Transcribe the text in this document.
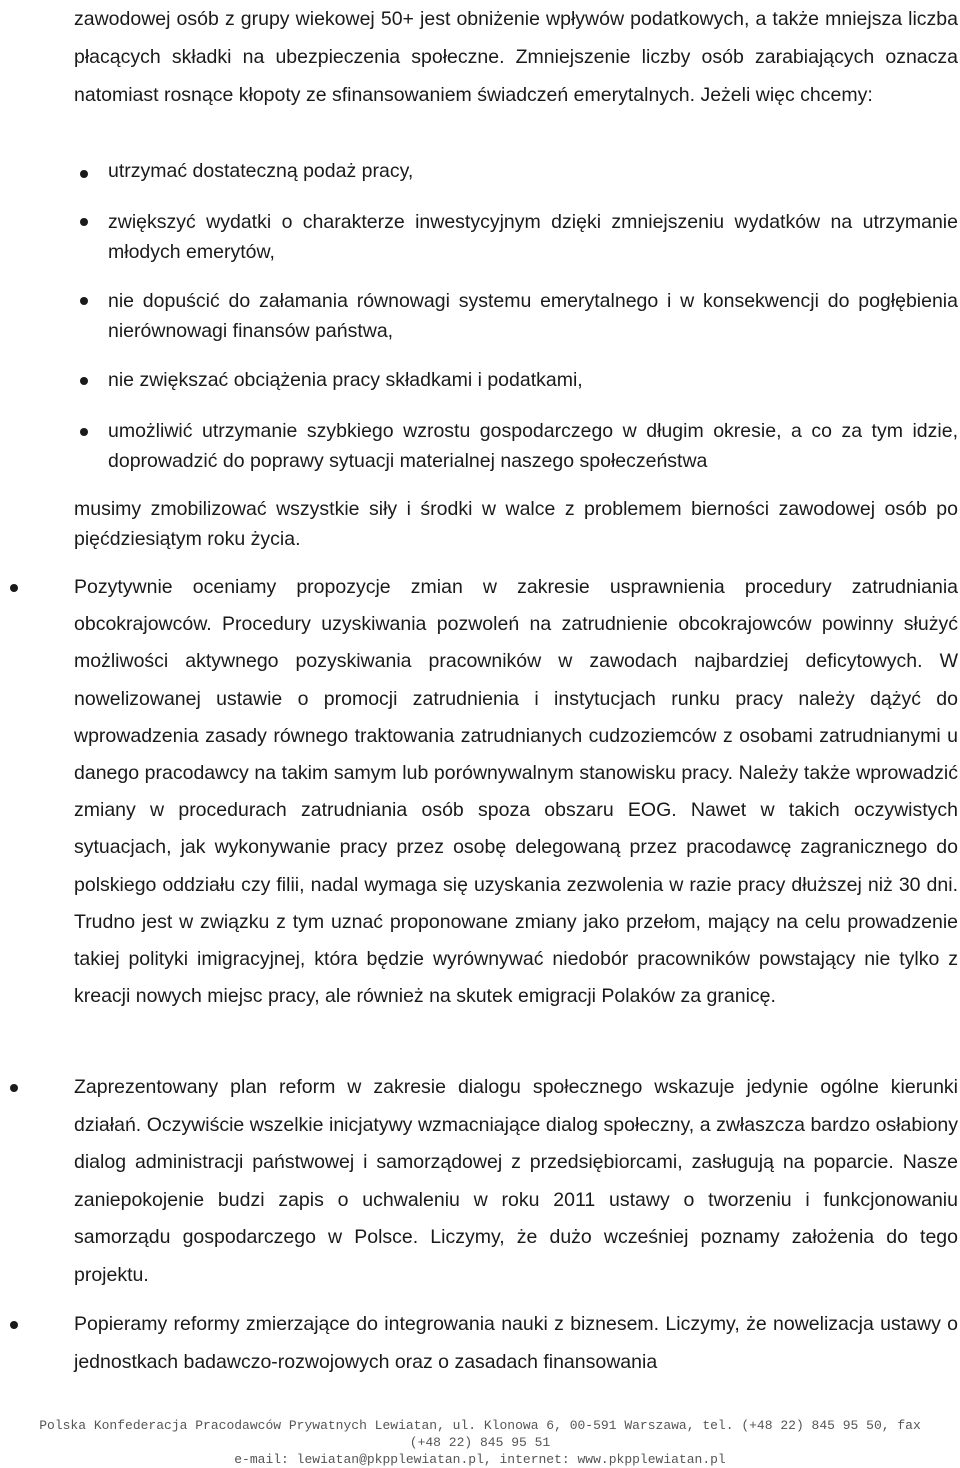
zawodowej osób z grupy wiekowej 50+ jest obniżenie wpływów podatkowych, a także mniejsza liczba płacących składki na ubezpieczenia społeczne. Zmniejszenie liczby osób zarabiających oznacza natomiast rosnące kłopoty ze sfinansowaniem świadczeń emerytalnych. Jeżeli więc chcemy:
utrzymać dostateczną podaż pracy,
zwiększyć wydatki o charakterze inwestycyjnym dzięki zmniejszeniu wydatków na utrzymanie młodych emerytów,
nie dopuścić do załamania równowagi systemu emerytalnego i w konsekwencji do pogłębienia nierównowagi finansów państwa,
nie zwiększać obciążenia pracy składkami i podatkami,
umożliwić utrzymanie szybkiego wzrostu gospodarczego w długim okresie, a co za tym idzie, doprowadzić do poprawy sytuacji materialnej naszego społeczeństwa
musimy zmobilizować wszystkie siły i środki w walce z problemem bierności zawodowej osób po pięćdziesiątym roku życia.
Pozytywnie oceniamy propozycje zmian w zakresie usprawnienia procedury zatrudniania obcokrajowców. Procedury uzyskiwania pozwoleń na zatrudnienie obcokrajowców powinny służyć możliwości aktywnego pozyskiwania pracowników w zawodach najbardziej deficytowych. W nowelizowanej ustawie o promocji zatrudnienia i instytucjach runku pracy należy dążyć do wprowadzenia zasady równego traktowania zatrudnianych cudzoziemców z osobami zatrudnianymi u danego pracodawcy na takim samym lub porównywalnym stanowisku pracy. Należy także wprowadzić zmiany w procedurach zatrudniania osób spoza obszaru EOG. Nawet w takich oczywistych sytuacjach, jak wykonywanie pracy przez osobę delegowaną przez pracodawcę zagranicznego do polskiego oddziału czy filii, nadal wymaga się uzyskania zezwolenia w razie pracy dłuższej niż 30 dni. Trudno jest w związku z tym uznać proponowane zmiany jako przełom, mający na celu prowadzenie takiej polityki imigracyjnej, która będzie wyrównywać niedobór pracowników powstający nie tylko z kreacji nowych miejsc pracy, ale również na skutek emigracji Polaków za granicę.
Zaprezentowany plan reform w zakresie dialogu społecznego wskazuje jedynie ogólne kierunki działań. Oczywiście wszelkie inicjatywy wzmacniające dialog społeczny, a zwłaszcza bardzo osłabiony dialog administracji państwowej i samorządowej z przedsiębiorcami, zasługują na poparcie. Nasze zaniepokojenie budzi zapis o uchwaleniu w roku 2011 ustawy o tworzeniu i funkcjonowaniu samorządu gospodarczego w Polsce. Liczymy, że dużo wcześniej poznamy założenia do tego projektu.
Popieramy reformy zmierzające do integrowania nauki z biznesem. Liczymy, że nowelizacja ustawy o jednostkach badawczo-rozwojowych oraz o zasadach finansowania
Polska Konfederacja Pracodawców Prywatnych Lewiatan, ul. Klonowa 6, 00-591 Warszawa, tel. (+48 22) 845 95 50, fax
(+48 22) 845 95 51
e-mail: lewiatan@pkpplewiatan.pl, internet: www.pkpplewiatan.pl
